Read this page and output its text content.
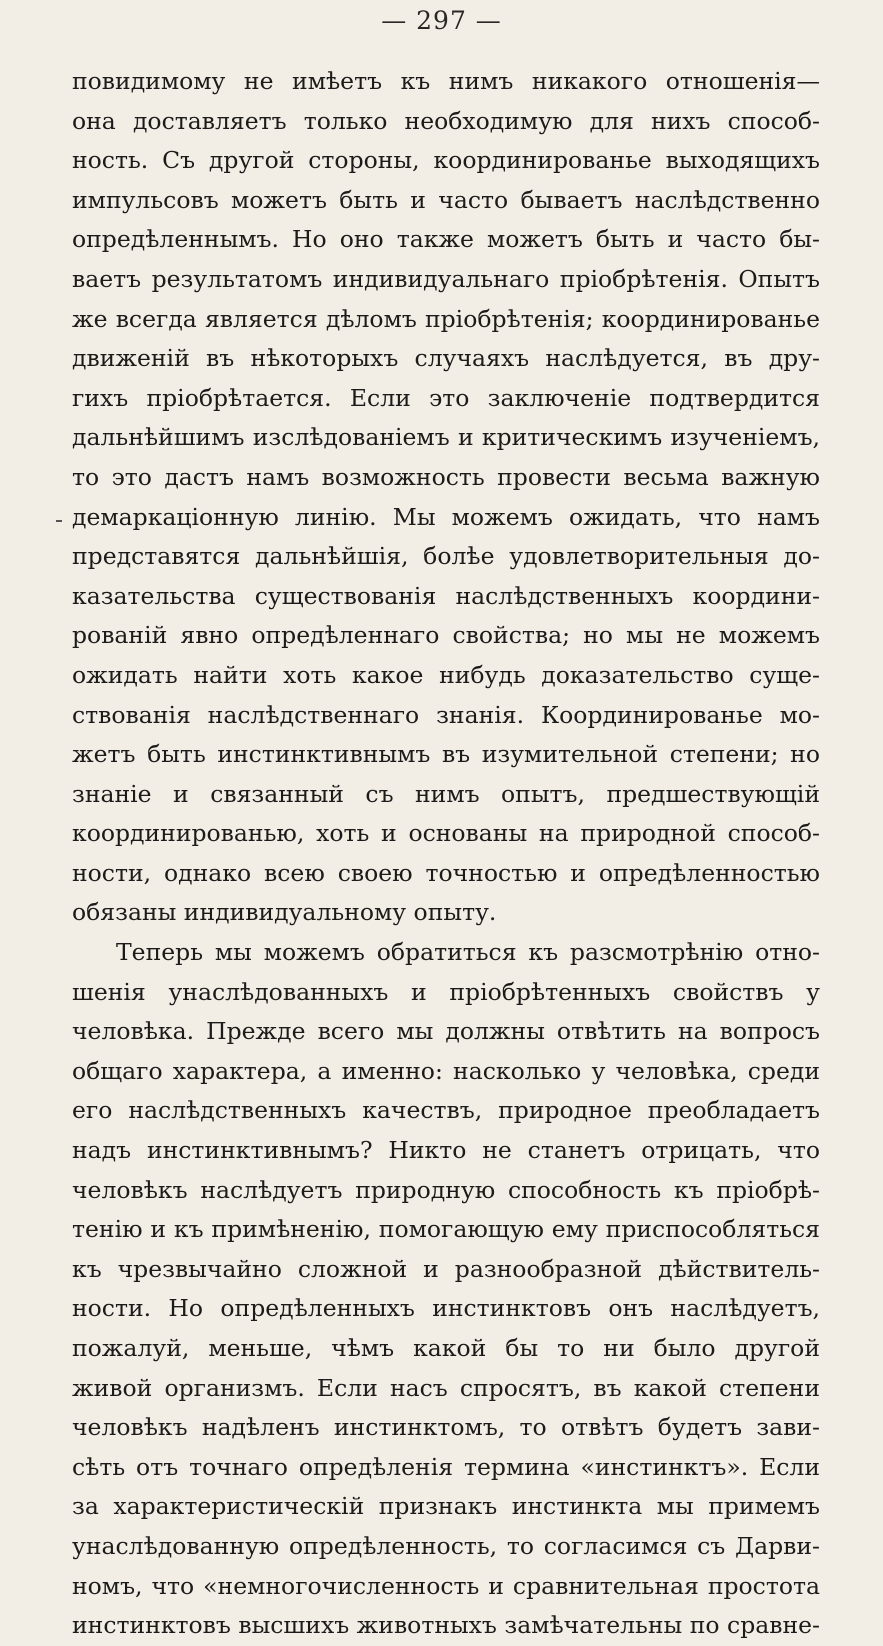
— 297 —
повидимому не имѣетъ къ нимъ никакого отношенія—
она доставляетъ только необходимую для нихъ способ-
ность. Съ другой стороны, координированье выходящихъ
импульсовъ можетъ быть и часто бываетъ наслѣдственно
опредѣленнымъ. Но оно также можетъ быть и часто бы-
ваетъ результатомъ индивидуальнаго пріобрѣтенія. Опытъ
же всегда является дѣломъ пріобрѣтенія; координированье
движеній въ нѣкоторыхъ случаяхъ наслѣдуется, въ дру-
гихъ пріобрѣтается. Если это заключеніе подтвердится
дальнѣйшимъ изслѣдованіемъ и критическимъ изученіемъ,
то это дастъ намъ возможность провести весьма важную
демаркаціонную линію. Мы можемъ ожидать, что намъ
представятся дальнѣйшія, болѣе удовлетворительныя до-
казательства существованія наслѣдственныхъ координи-
рованій явно опредѣленнаго свойства; но мы не можемъ
ожидать найти хоть какое нибудь доказательство суще-
ствованія наслѣдственнаго знанія. Координированье мо-
жетъ быть инстинктивнымъ въ изумительной степени; но
знаніе и связанный съ нимъ опытъ, предшествующій
координированью, хоть и основаны на природной способ-
ности, однако всею своею точностью и опредѣленностью
обязаны индивидуальному опыту.
Теперь мы можемъ обратиться къ разсмотрѣнію отно-
шенія унаслѣдованныхъ и пріобрѣтенныхъ свойствъ у
человѣка. Прежде всего мы должны отвѣтить на вопросъ
общаго характера, а именно: насколько у человѣка, среди
его наслѣдственныхъ качествъ, природное преобладаетъ
надъ инстинктивнымъ? Никто не станетъ отрицать, что
человѣкъ наслѣдуетъ природную способность къ пріобрѣ-
тенію и къ примѣненію, помогающую ему приспособляться
къ чрезвычайно сложной и разнообразной дѣйствитель-
ности. Но опредѣленныхъ инстинктовъ онъ наслѣдуетъ,
пожалуй, меньше, чѣмъ какой бы то ни было другой
живой организмъ. Если насъ спросятъ, въ какой степени
человѣкъ надѣленъ инстинктомъ, то отвѣтъ будетъ зави-
сѣть отъ точнаго опредѣленія термина «инстинктъ». Если
за характеристическій признакъ инстинкта мы примемъ
унаслѣдованную опредѣленность, то согласимся съ Дарви-
номъ, что «немногочисленность и сравнительная простота
инстинктовъ высшихъ животныхъ замѣчательны по сравне-
